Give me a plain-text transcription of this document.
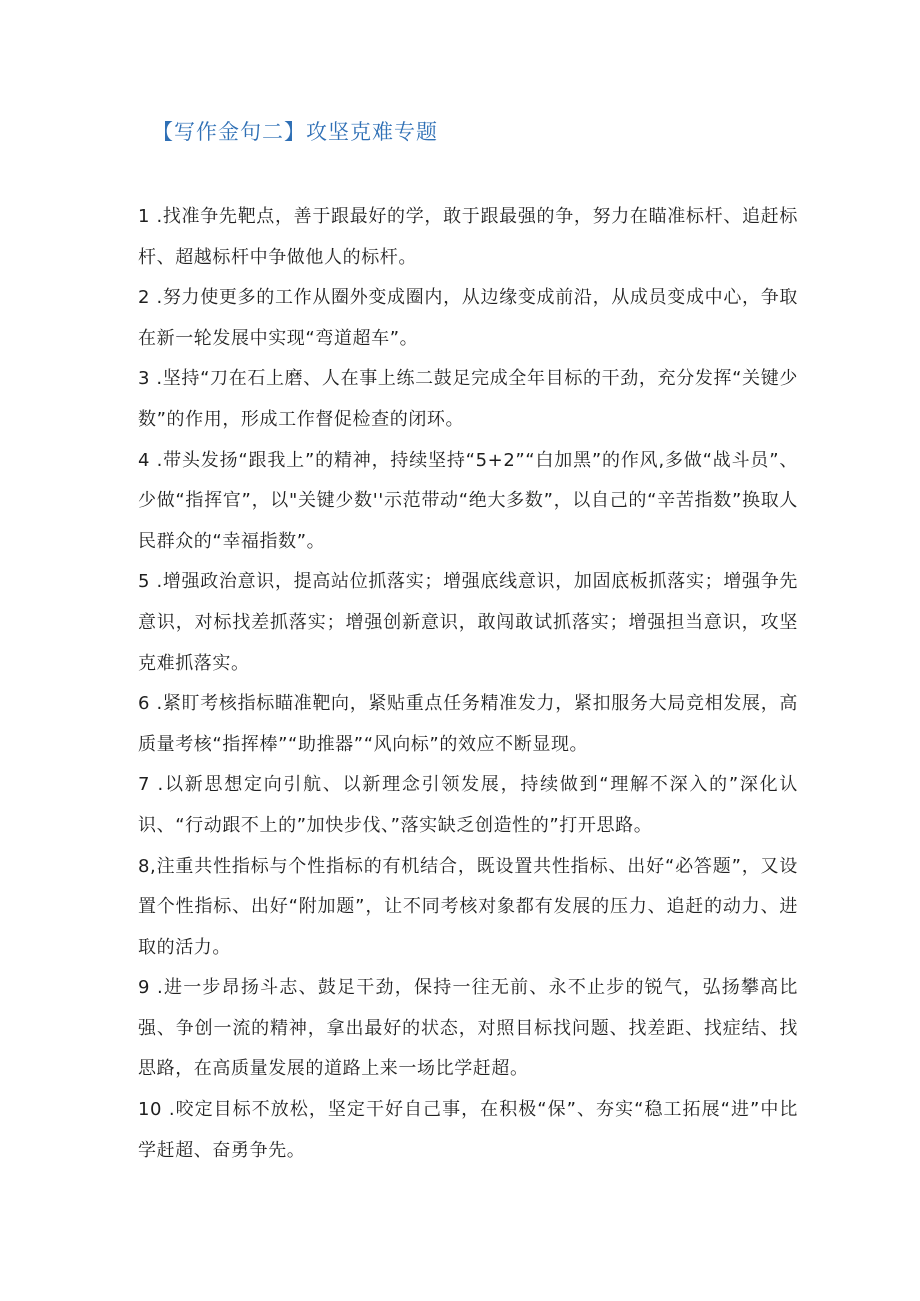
【写作金句二】攻坚克难专题
1 .找准争先靶点，善于跟最好的学，敢于跟最强的争，努力在瞄准标杆、追赶标杆、超越标杆中争做他人的标杆。
2 .努力使更多的工作从圈外变成圈内，从边缘变成前沿，从成员变成中心，争取在新一轮发展中实现“弯道超车”。
3 .坚持“刀在石上磨、人在事上练二鼓足完成全年目标的干劲，充分发挥“关键少数”的作用，形成工作督促检查的闭环。
4 .带头发扬“跟我上”的精神，持续坚持“5+2”“白加黑”的作风,多做“战斗员”、少做“指挥官”，以"关键少数''示范带动“绝大多数”，以自己的“辛苦指数”换取人民群众的“幸福指数”。
5 .增强政治意识，提高站位抓落实；增强底线意识，加固底板抓落实；增强争先意识，对标找差抓落实；增强创新意识，敢闯敢试抓落实；增强担当意识，攻坚克难抓落实。
6 .紧盯考核指标瞄准靶向，紧贴重点任务精准发力，紧扣服务大局竞相发展，高质量考核“指挥棒”“助推器”“风向标”的效应不断显现。
7 .以新思想定向引航、以新理念引领发展，持续做到“理解不深入的”深化认识、“行动跟不上的”加快步伐、”落实缺乏创造性的”打开思路。
8,注重共性指标与个性指标的有机结合，既设置共性指标、出好“必答题”，又设置个性指标、出好“附加题”，让不同考核对象都有发展的压力、追赶的动力、进取的活力。
9 .进一步昂扬斗志、鼓足干劲，保持一往无前、永不止步的锐气，弘扬攀高比强、争创一流的精神，拿出最好的状态，对照目标找问题、找差距、找症结、找思路，在高质量发展的道路上来一场比学赶超。
10 .咬定目标不放松，坚定干好自己事，在积极“保”、夯实“稳工拓展“进”中比学赶超、奋勇争先。
